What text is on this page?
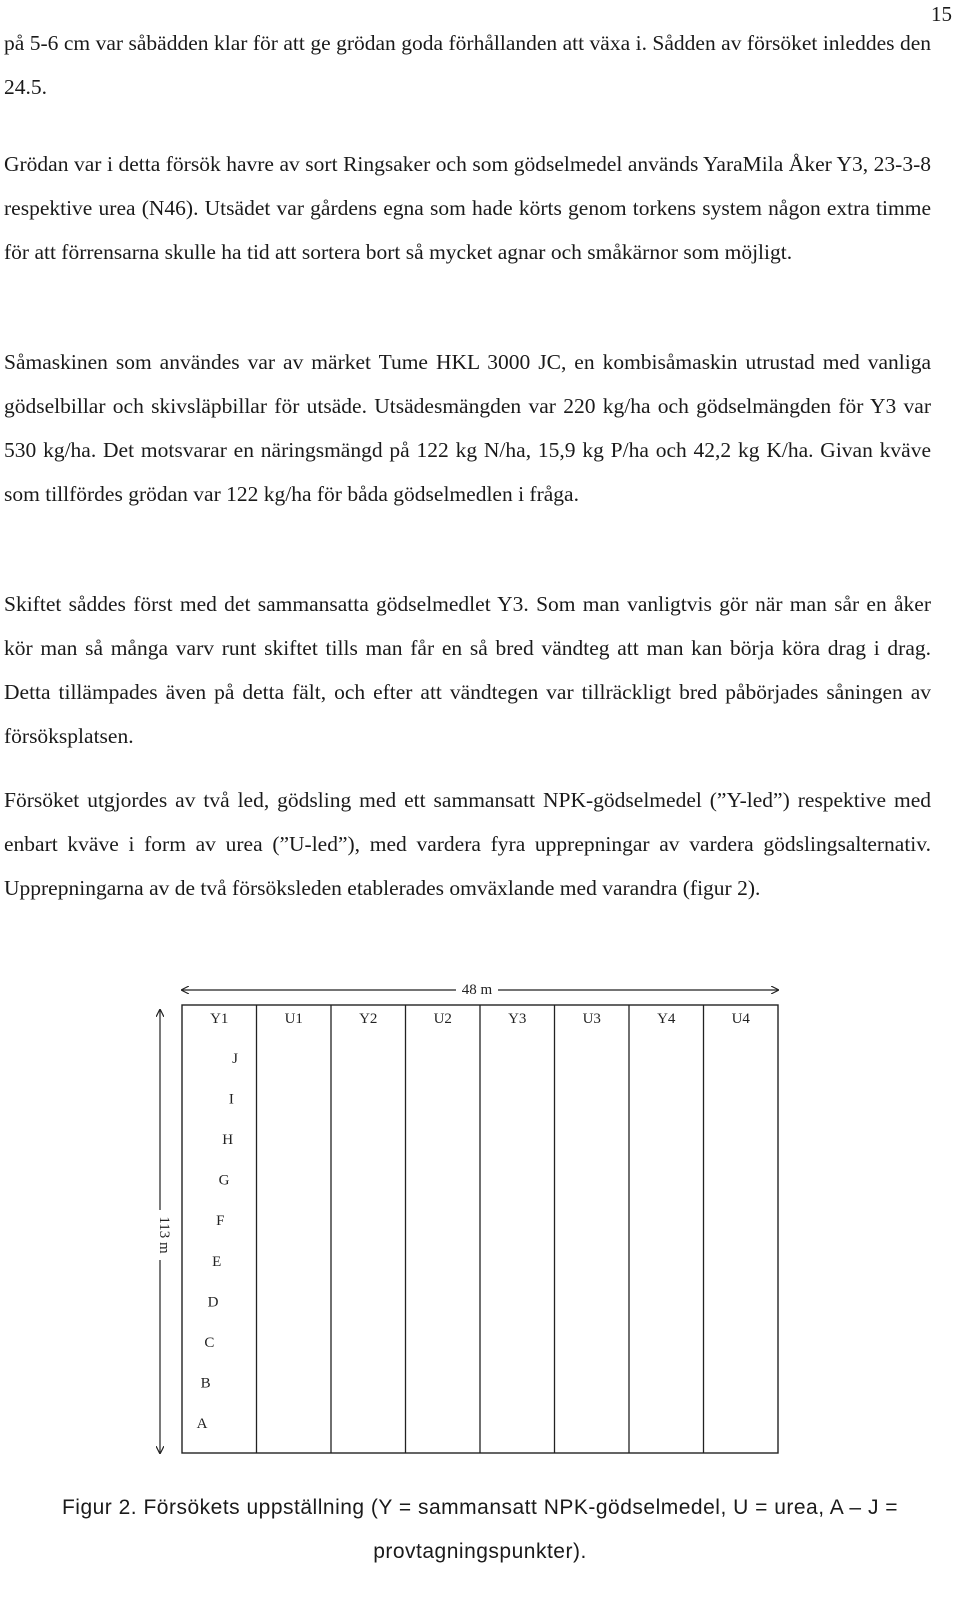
15

på 5-6 cm var såbädden klar för att ge grödan goda förhållanden att växa i. Sådden av försöket inleddes den 24.5.

Grödan var i detta försök havre av sort Ringsaker och som gödselmedel används YaraMila Åker Y3, 23-3-8 respektive urea (N46). Utsädet var gårdens egna som hade körts genom torkens system någon extra timme för att förrensarna skulle ha tid att sortera bort så mycket agnar och småkärnor som möjligt.

Såmaskinen som användes var av märket Tume HKL 3000 JC, en kombisåmaskin utrustad med vanliga gödselbillar och skivsläpbillar för utsäde. Utsädesmängden var 220 kg/ha och gödselmängden för Y3 var 530 kg/ha. Det motsvarar en näringsmängd på 122 kg N/ha, 15,9 kg P/ha och 42,2 kg K/ha. Givan kväve som tillfördes grödan var 122 kg/ha för båda gödselmedlen i fråga.

Skiftet såddes först med det sammansatta gödselmedlet Y3. Som man vanligtvis gör när man sår en åker kör man så många varv runt skiftet tills man får en så bred vändteg att man kan börja köra drag i drag. Detta tillämpades även på detta fält, och efter att vändtegen var tillräckligt bred påbörjades såningen av försöksplatsen.

Försöket utgjordes av två led, gödsling med ett sammansatt NPK-gödselmedel (”Y-led”) respektive med enbart kväve i form av urea (”U-led”), med vardera fyra upprepningar av vardera gödslingsalternativ. Upprepningarna av de två försöksleden etablerades omväxlande med varandra (figur 2).

48 m
113 m
Y1	U1	Y2	U2	Y3	U3	Y4	U4
J
I
H
G
F
E
D
C
B
A
Figur 2. Försökets uppställning (Y = sammansatt NPK-gödselmedel, U = urea, A – J =
provtagningspunkter).
